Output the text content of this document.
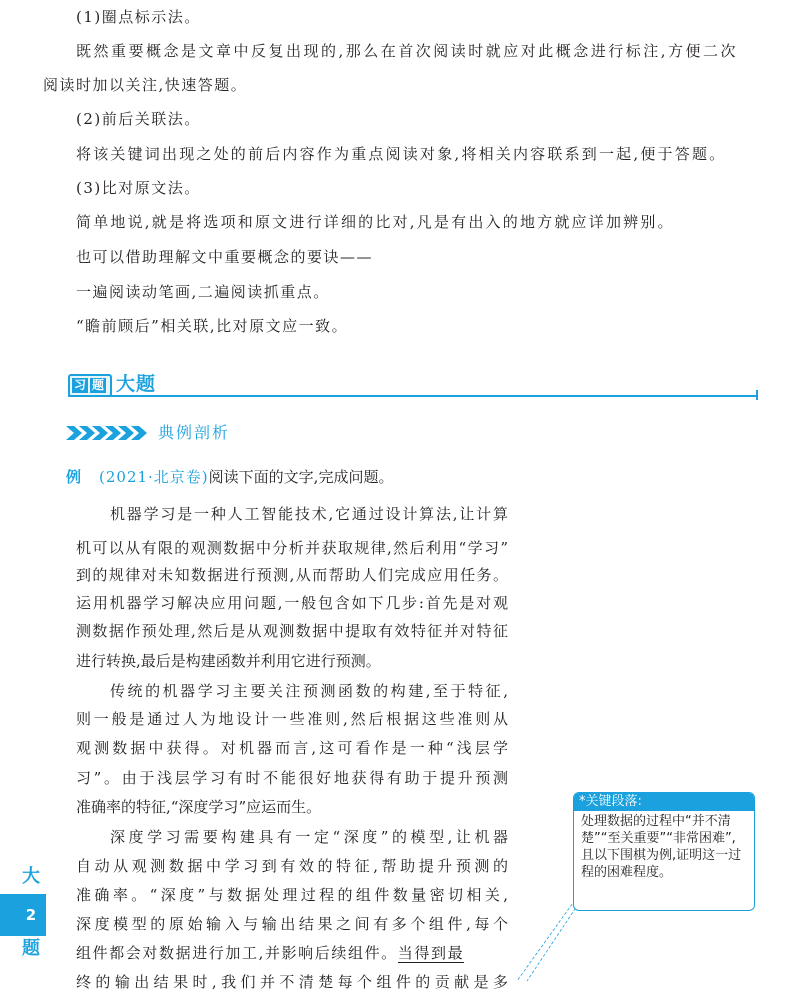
(1)圈点标示法。
既然重要概念是文章中反复出现的,那么在首次阅读时就应对此概念进行标注,方便二次
阅读时加以关注,快速答题。
(2)前后关联法。
将该关键词出现之处的前后内容作为重点阅读对象,将相关内容联系到一起,便于答题。
(3)比对原文法。
简单地说,就是将选项和原文进行详细的比对,凡是有出入的地方就应详加辨别。
也可以借助理解文中重要概念的要诀——
一遍阅读动笔画,二遍阅读抓重点。
“瞻前顾后”相关联,比对原文应一致。
习 题 大题
典例剖析
例 (2021·北京卷)阅读下面的文字,完成问题。
机器学习是一种人工智能技术,它通过设计算法,让计算
机可以从有限的观测数据中分析并获取规律,然后利用“学习”
到的规律对未知数据进行预测,从而帮助人们完成应用任务。
运用机器学习解决应用问题,一般包含如下几步:首先是对观
测数据作预处理,然后是从观测数据中提取有效特征并对特征
进行转换,最后是构建函数并利用它进行预测。
传统的机器学习主要关注预测函数的构建,至于特征,
则一般是通过人为地设计一些准则,然后根据这些准则从
观测数据中获得。对机器而言,这可看作是一种“浅层学
习”。由于浅层学习有时不能很好地获得有助于提升预测
准确率的特征,“深度学习”应运而生。
深度学习需要构建具有一定“深度”的模型,让机器
自动从观测数据中学习到有效的特征,帮助提升预测的
准确率。“深度”与数据处理过程的组件数量密切相关,
深度模型的原始输入与输出结果之间有多个组件,每个
组件都会对数据进行加工,并影响后续组件。当得到最
终的输出结果时,我们并不清楚每个组件的贡献是多
大
2
题
*关键段落:
处理数据的过程中“并不清楚”“至关重要”“非常困难”,且以下围棋为例,证明这一过程的困难程度。
